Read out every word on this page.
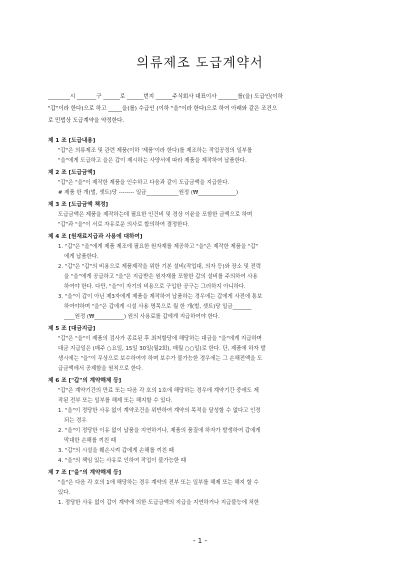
의류제조 도급계약서

________시 _______구 ______로 ______번지 ______주식회사 대표이사 _______를(을) 도급인(이하

"갑"이라 한다)으로 하고 _____을(를) 수급인 (이하 "을"이라 한다)으로 하여 아래와 같은 조건으

로 민법상 도급계약을 약정한다.

제 1 조 [도급내용]
"갑"은 의류제조 및 관련 제품(이하 '제품'이라 한다)를 제조하는 작업공정의 일부를
"을"에게 도급하고 을은 갑이 제시하는 사양서에 따라 제품을 제작하여 납품한다.
제 2 조 [도급금액]
"갑"은 "을"이 제작한 제품을 인수하고 다음과 같이 도급금액을 지급한다.
# 제품 한 개(벌, 셋트)당 -------- 일금____________원정 (₩______________)
제 3 조 [도급금액 책정]
도급금액은 제품을 제작하는데 필요한 인건비 및 경상 이윤을 포함한 금액으로 하며
"갑"과 "을"이 서로 자유로운 의사로 합의하여 결정한다.
제 4 조 [원재료지급과 사용에 대하여]
1. "갑"은 "을"에게 제품 제조에 필요한 원자재를 제공하고 "을"은 제작한 제품을 "갑"
에게 납품한다.
2. "갑"은 "갑"의 비용으로 제품제작을 위한 기본 설비(작업대, 의자 등)와 장소 및 전력
을 "을"에게 공급하고 "을"은 지급받은 원자재를 포함한 갑의 설비를 주의하여 사용
하여야 한다. 다만, "을"이 자기의 비용으로 구입한 공구는 그러하지 아니하다.
3. "을"이 갑이 아닌 제3자에게 제품을 제작하여 납품하는 경우에는 갑에게 사전에 통보
하여야하며 "을"은 갑에게 시설 사용 명목으로 월 한 개(벌, 셋트)당 일금_______
____원정 (₩___________) 원의 사용료를 갑에게 지급하여야 한다.
제 5 조 [대금지급]
"갑"은 "을"이 제품의 검사가 종료된 후 최저할당에 해당하는 대금을 "을"에게 지급하며
대금 지급일은 (매주 ○요일, 15일 30일(월2회), 매월 ○○일)로 한다. 단, 제품에 하자 발
생시에는 "을"이 무상으로 보수하여야 하며 보수가 불가능한 경우에는 그 손해전액을 도
급금액에서 공제함을 원칙으로 한다.
제 6 조 ["갑"의 계약해제 등]
"갑"은 계약기간의 만료 또는 다음 각 호의 1호에 해당하는 경우에 계약기간 중에도 제
작된 전부 또는 일부를 해제 또는 해지할 수 있다.
1. "을"이 정당한 사유 없이 계약조건을 위반하여 계약의 목적을 달성할 수 없다고 인정
되는 경우
2. "을"이 정당한 이유 없이 납품을 지연하거나, 제품의 품질에 하자가 발생하여 갑에게
막대한 손해를 끼친 때
3. "갑"의 시설을 훼손시켜 갑에게 손해를 끼친 때
4. "을"의 책임 있는 사유로 인하여 작업이 불가능한 때
제 7 조 ["을"의 계약해제 등]
"을"은 다음 각 호의 1에 해당하는 경우 계약의 전부 또는 일부를 해제 또는 해지 할 수
있다.
1. 정당한 사유 없이 갑이 계약에 의한 도급금액의 지급을 지연하거나 지급불능에 처한
- 1 -
